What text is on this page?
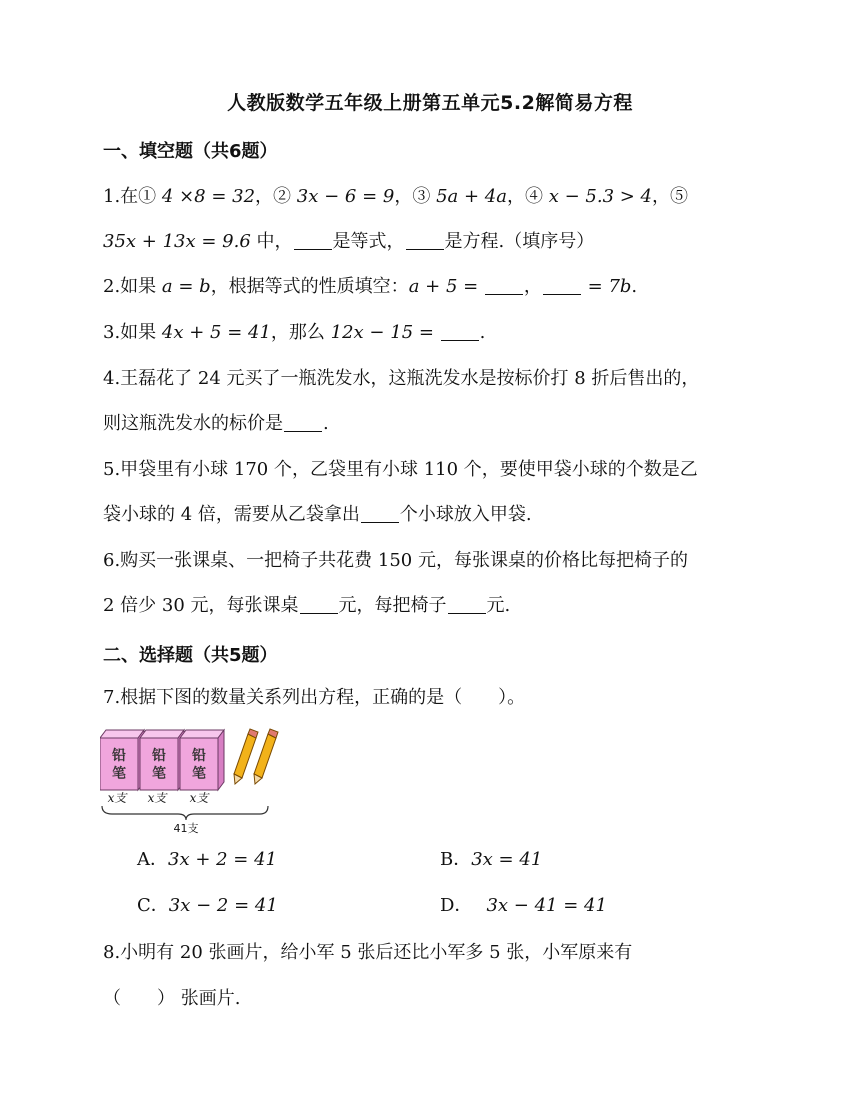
人教版数学五年级上册第五单元5.2解简易方程
一、填空题（共6题）
1.在① 4 ×8 = 32，② 3x − 6 = 9，③ 5a + 4a，④ x − 5.3 > 4，⑤
35x + 13x = 9.6 中， 是等式， 是方程.（填序号）
2.如果 a = b，根据等式的性质填空：a + 5 = ， = 7b.
3.如果 4x + 5 = 41，那么 12x − 15 = .
4.王磊花了 24 元买了一瓶洗发水，这瓶洗发水是按标价打 8 折后售出的，
则这瓶洗发水的标价是 .
5.甲袋里有小球 170 个，乙袋里有小球 110 个，要使甲袋小球的个数是乙
袋小球的 4 倍，需要从乙袋拿出 个小球放入甲袋.
6.购买一张课桌、一把椅子共花费 150 元，每张课桌的价格比每把椅子的
2 倍少 30 元，每张课桌 元，每把椅子 元.
二、选择题（共5题）
7.根据下图的数量关系列出方程，正确的是（　　）。
铅
笔
铅
笔
铅
笔
x支 x支 x支
41支
A．3x + 2 = 41	B．3x = 41
C．3x − 2 = 41	D． 3x − 41 = 41
8.小明有 20 张画片，给小军 5 张后还比小军多 5 张，小军原来有
（　　） 张画片.
